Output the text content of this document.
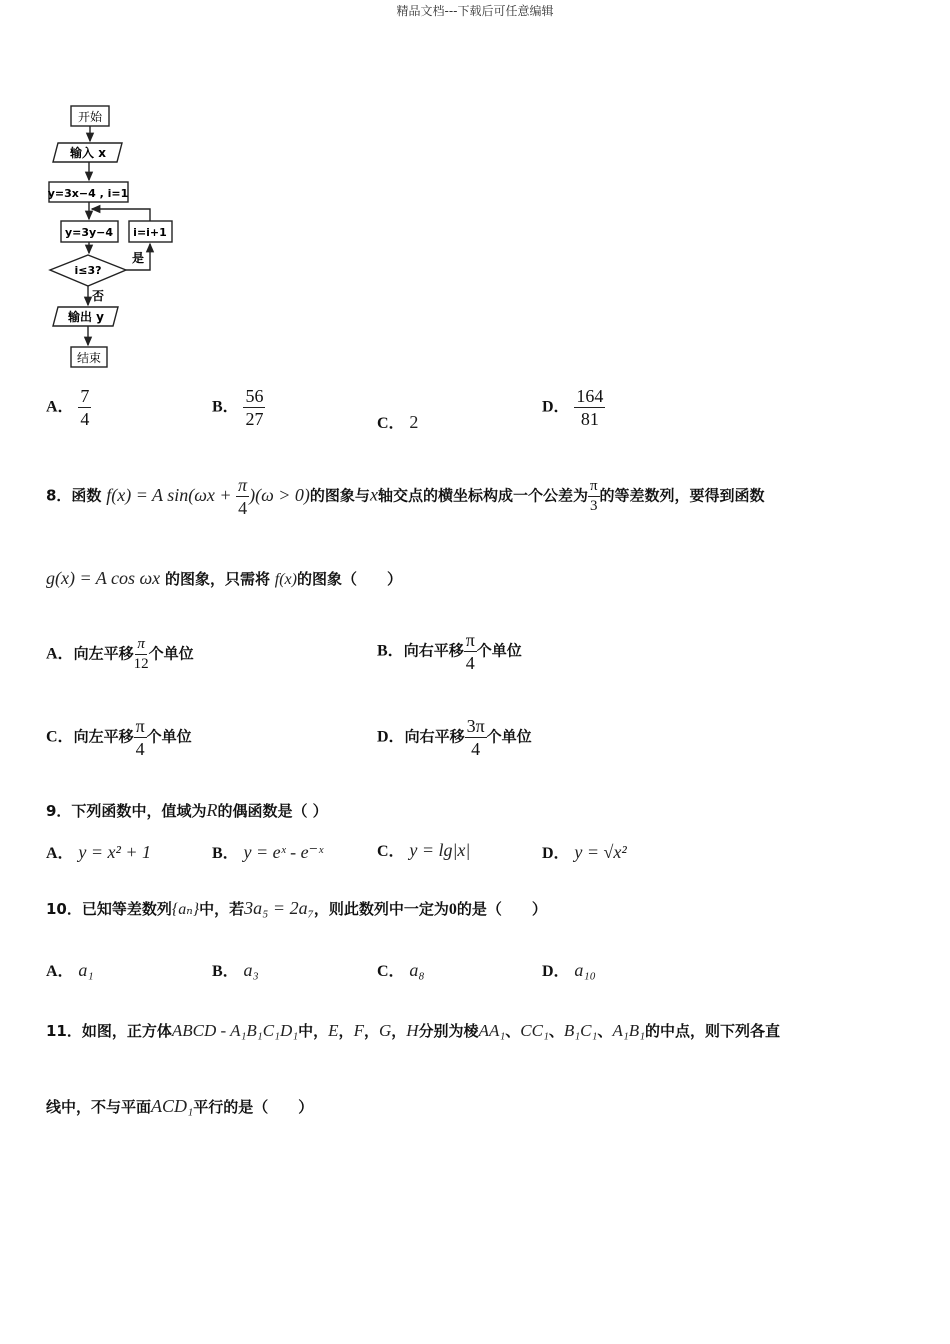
精品文档---下载后可任意编辑
开始
输入 x
y=3x−4 , i=1
y=3y−4 i=i+1
i≤3?
是
否
输出 y
结束
A． $\frac{7}{4}$	B． $\frac{56}{27}$	C． 2
D． $\frac{164}{81}$
8．函数 f(x) = A $\sin(\omega x + \frac{\pi}{4} )(\omega > 0)$的图象与x轴交点的横坐标构成一个公差为 $\frac{\pi}{3}$ 的等差数列，要得到函数
g(x) = A cos ωx 的图象，只需将 f(x)的图象（　　）
A．向左平移 $\frac{\pi}{12}$ 个单位	B．向右平移 $\frac{\pi}{4}$ 个单位
C．向左平移 $\frac{\pi}{4}$ 个单位	D．向右平移 $\frac{3\pi}{4}$ 个单位
9．下列函数中，值域为R的偶函数是（ ）
A． y = x² + 1	B． y = eˣ - e⁻ˣ	C． y = lg|x|	D． y = √x²
10．已知等差数列{aₙ}中，若3a₅ = 2a₇，则此数列中一定为0的是（　　）
A． a₁	B． a₃	C． a₈	D． a₁₀
11．如图，正方体ABCD - A₁B₁C₁D₁中，E，F，G，H分别为棱AA₁、CC₁、B₁C₁、A₁B₁的中点，则下列各直
线中，不与平面ACD₁平行的是（　　）
